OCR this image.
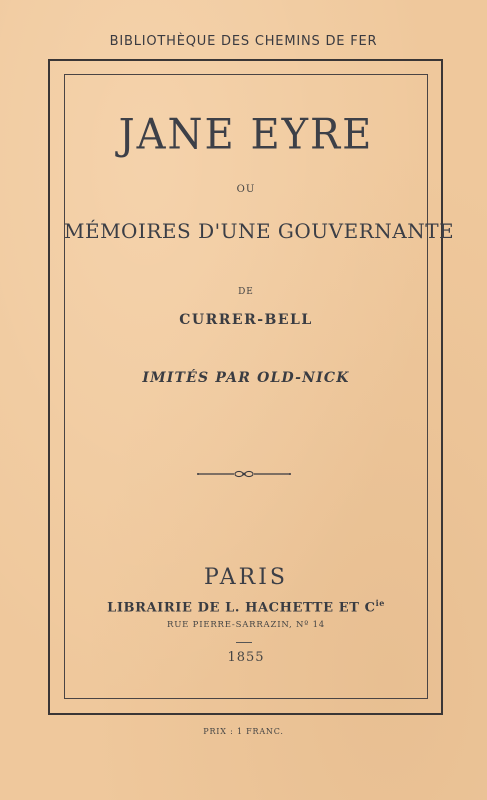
BIBLIOTHÈQUE DES CHEMINS DE FER
JANE EYRE
OU
MÉMOIRES D'UNE GOUVERNANTE
DE
CURRER-BELL
IMITÉS PAR OLD-NICK
PARIS
LIBRAIRIE DE L. HACHETTE ET $C^{ie}$
RUE PIERRE-SARRAZIN, Nº 14
1855
PRIX : 1 FRANC.
